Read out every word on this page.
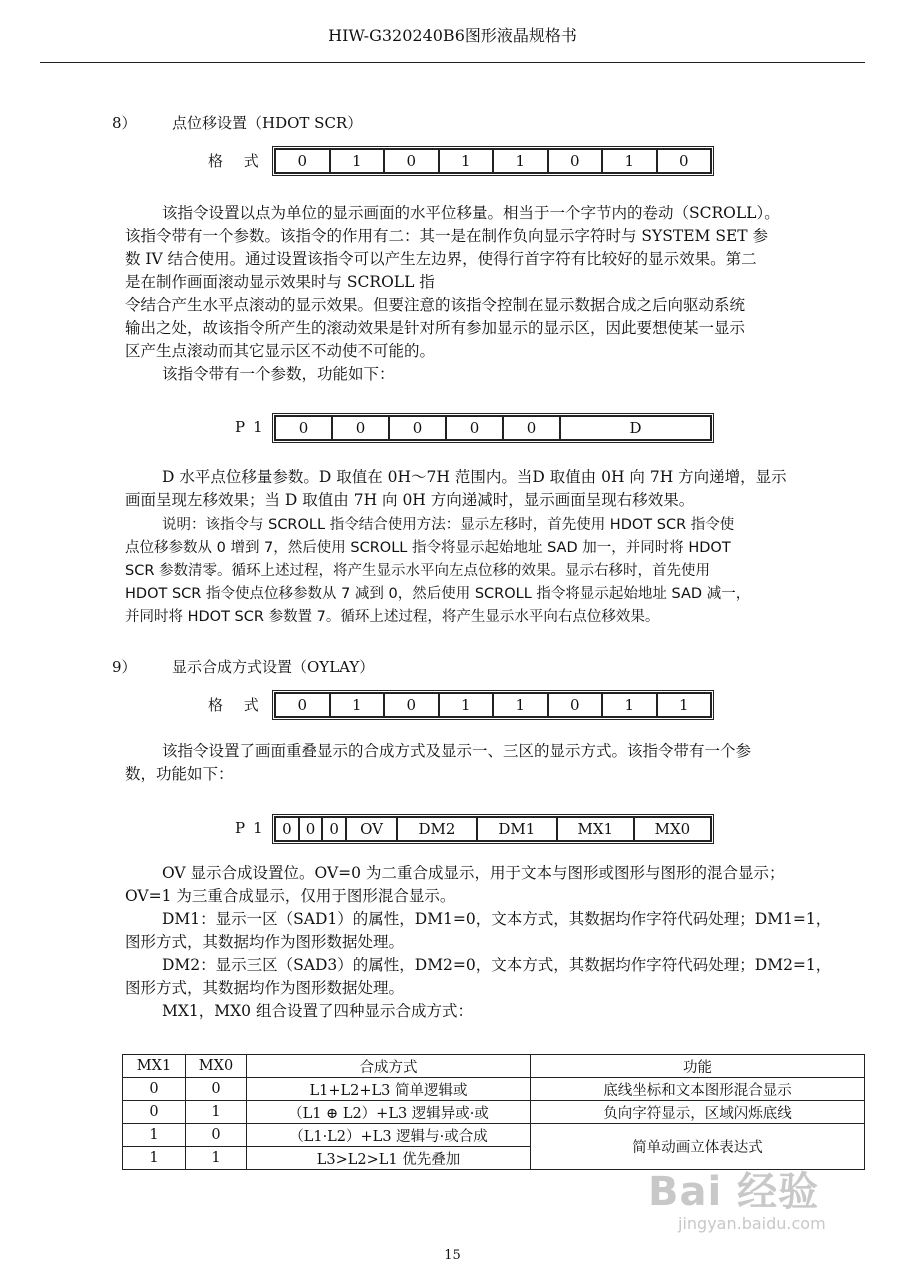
HIW-G320240B6图形液晶规格书
8） 点位移设置（HDOT SCR）
格 式 0	1	0	1	1	0	1	0

该指令设置以点为单位的显示画面的水平位移量。相当于一个字节内的卷动（SCROLL）。

该指令带有一个参数。该指令的作用有二：其一是在制作负向显示字符时与 SYSTEM SET 参

数 IV 结合使用。通过设置该指令可以产生左边界，使得行首字符有比较好的显示效果。第二

是在制作画面滚动显示效果时与 SCROLL 指

令结合产生水平点滚动的显示效果。但要注意的该指令控制在显示数据合成之后向驱动系统

输出之处，故该指令所产生的滚动效果是针对所有参加显示的显示区，因此要想使某一显示

区产生点滚动而其它显示区不动使不可能的。

该指令带有一个参数，功能如下：

P1 0	0	0	0	0	D

D 水平点位移量参数。D 取值在 0H～7H 范围内。当D 取值由 0H 向 7H 方向递增，显示

画面呈现左移效果；当 D 取值由 7H 向 0H 方向递减时，显示画面呈现右移效果。

说明：该指令与 SCROLL 指令结合使用方法：显示左移时，首先使用 HDOT SCR 指令使

点位移参数从 0 增到 7，然后使用 SCROLL 指令将显示起始地址 SAD 加一，并同时将 HDOT

SCR 参数清零。循环上述过程，将产生显示水平向左点位移的效果。显示右移时，首先使用

HDOT SCR 指令使点位移参数从 7 减到 0，然后使用 SCROLL 指令将显示起始地址 SAD 减一，

并同时将 HDOT SCR 参数置 7。循环上述过程，将产生显示水平向右点位移效果。

9） 显示合成方式设置（OYLAY）
格 式 0	1	0	1	1	0	1	1

该指令设置了画面重叠显示的合成方式及显示一、三区的显示方式。该指令带有一个参

数，功能如下：

P1 0	0	0	OV	DM2	DM1	MX1	MX0

OV 显示合成设置位。OV=0 为二重合成显示，用于文本与图形或图形与图形的混合显示；

OV=1 为三重合成显示，仅用于图形混合显示。

DM1：显示一区（SAD1）的属性，DM1=0，文本方式，其数据均作字符代码处理；DM1=1，

图形方式，其数据均作为图形数据处理。

DM2：显示三区（SAD3）的属性，DM2=0，文本方式，其数据均作字符代码处理；DM2=1，

图形方式，其数据均作为图形数据处理。

MX1，MX0 组合设置了四种显示合成方式：

MX1	MX0	合成方式	功能
0	0	L1+L2+L3 简单逻辑或	底线坐标和文本图形混合显示
0	1	（L1 ⊕ L2）+L3 逻辑异或·或	负向字符显示，区域闪烁底线
1	0	（L1·L2）+L3 逻辑与·或合成	简单动画立体表达式
1	1	L3>L2>L1 优先叠加	
Bai 经验
jingyan.baidu.com
15
